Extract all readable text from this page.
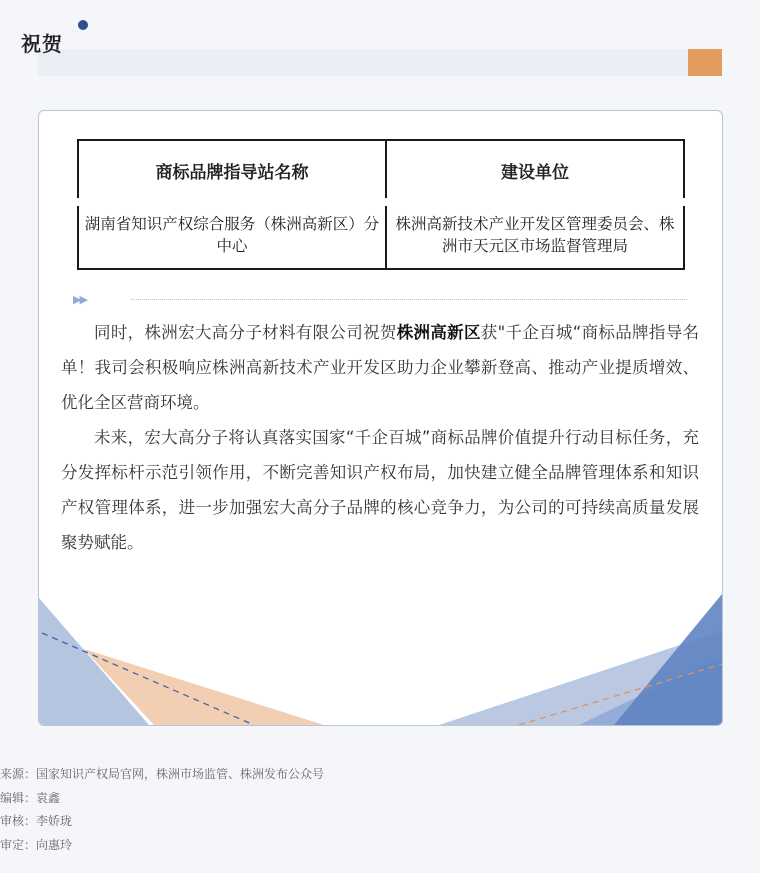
祝贺
商标品牌指导站名称	建设单位
湖南省知识产权综合服务（株洲高新区）分中心	株洲高新技术产业开发区管理委员会、株洲市天元区市场监督管理局
▶▶

同时，株洲宏大高分子材料有限公司祝贺株洲高新区获"千企百城“商标品牌指导名单！我司会积极响应株洲高新技术产业开发区助力企业攀新登高、推动产业提质增效、优化全区营商环境。

未来，宏大高分子将认真落实国家“千企百城”商标品牌价值提升行动目标任务，充分发挥标杆示范引领作用，不断完善知识产权布局，加快建立健全品牌管理体系和知识产权管理体系，进一步加强宏大高分子品牌的核心竞争力，为公司的可持续高质量发展聚势赋能。

来源：国家知识产权局官网，株洲市场监管、株洲发布公众号
编辑：袁鑫
审核：李娇珑
审定：向惠玲
